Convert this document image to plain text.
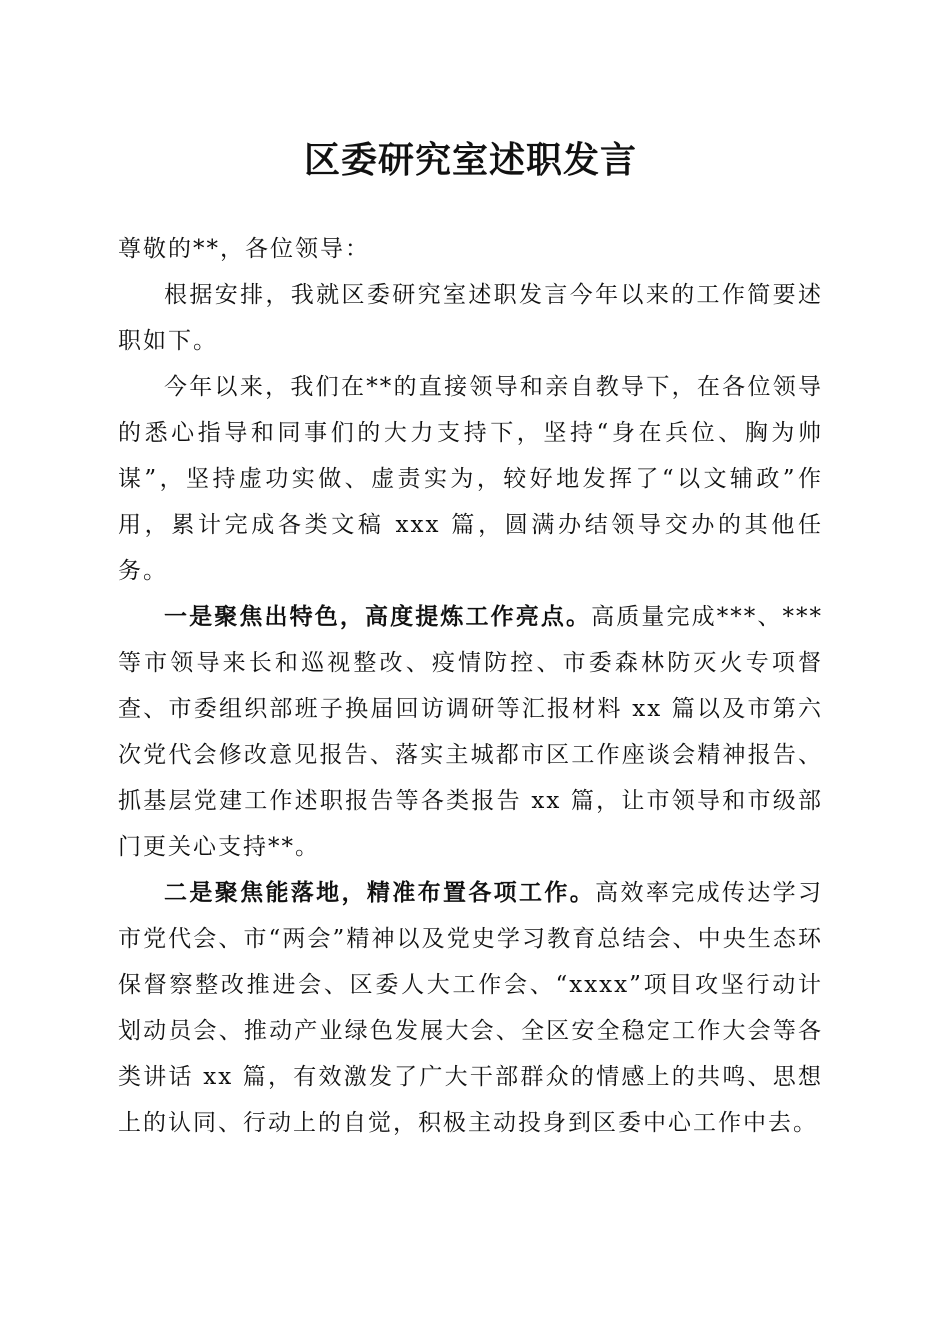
区委研究室述职发言

尊敬的**，各位领导：

根据安排，我就区委研究室述职发言今年以来的工作简要述职如下。

今年以来，我们在**的直接领导和亲自教导下，在各位领导的悉心指导和同事们的大力支持下，坚持“身在兵位、胸为帅谋”，坚持虚功实做、虚责实为，较好地发挥了“以文辅政”作用，累计完成各类文稿 xxx 篇，圆满办结领导交办的其他任务。

一是聚焦出特色，高度提炼工作亮点。高质量完成***、***等市领导来长和巡视整改、疫情防控、市委森林防灭火专项督查、市委组织部班子换届回访调研等汇报材料 xx 篇以及市第六次党代会修改意见报告、落实主城都市区工作座谈会精神报告、抓基层党建工作述职报告等各类报告 xx 篇，让市领导和市级部门更关心支持**。

二是聚焦能落地，精准布置各项工作。高效率完成传达学习市党代会、市“两会”精神以及党史学习教育总结会、中央生态环保督察整改推进会、区委人大工作会、“xxxx”项目攻坚行动计划动员会、推动产业绿色发展大会、全区安全稳定工作大会等各类讲话 xx 篇，有效激发了广大干部群众的情感上的共鸣、思想上的认同、行动上的自觉，积极主动投身到区委中心工作中去。
